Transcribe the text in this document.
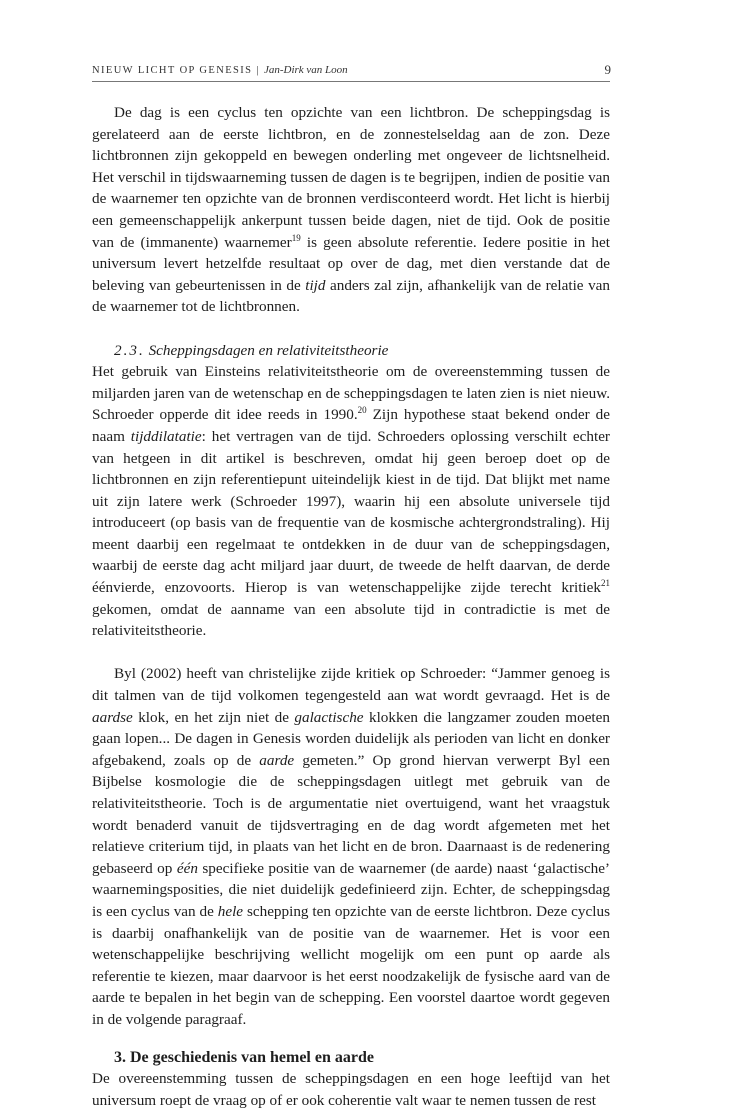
NIEUW LICHT OP GENESIS | Jan-Dirk van Loon	9

De dag is een cyclus ten opzichte van een lichtbron. De scheppingsdag is gerelateerd aan de eerste lichtbron, en de zonnestelseldag aan de zon. Deze lichtbronnen zijn gekoppeld en bewegen onderling met ongeveer de lichtsnelheid. Het verschil in tijdswaarneming tussen de dagen is te begrijpen, indien de positie van de waarnemer ten opzichte van de bronnen verdisconteerd wordt. Het licht is hierbij een gemeenschappelijk ankerpunt tussen beide dagen, niet de tijd. Ook de positie van de (immanente) waarnemer$^{19}$ is geen absolute referentie. Iedere positie in het universum levert hetzelfde resultaat op over de dag, met dien verstande dat de beleving van gebeurtenissen in de tijd anders zal zijn, afhankelijk van de relatie van de waarnemer tot de lichtbronnen.

2.3. Scheppingsdagen en relativiteitstheorie

Het gebruik van Einsteins relativiteitstheorie om de overeenstemming tussen de miljarden jaren van de wetenschap en de scheppingsdagen te laten zien is niet nieuw. Schroeder opperde dit idee reeds in 1990.20 Zijn hypothese staat bekend onder de naam tijddilatatie: het vertragen van de tijd. Schroeders oplossing verschilt echter van hetgeen in dit artikel is beschreven, omdat hij geen beroep doet op de lichtbronnen en zijn referentiepunt uiteindelijk kiest in de tijd. Dat blijkt met name uit zijn latere werk (Schroeder 1997), waarin hij een absolute universele tijd introduceert (op basis van de frequentie van de kosmische achtergrondstraling). Hij meent daarbij een regelmaat te ontdekken in de duur van de scheppingsdagen, waarbij de eerste dag acht miljard jaar duurt, de tweede de helft daarvan, de derde éénvierde, enzovoorts. Hierop is van wetenschappelijke zijde terecht kritiek$^{21}$ gekomen, omdat de aanname van een absolute tijd in contradictie is met de relativiteitstheorie.

Byl (2002) heeft van christelijke zijde kritiek op Schroeder: “Jammer genoeg is dit talmen van de tijd volkomen tegengesteld aan wat wordt gevraagd. Het is de aardse klok, en het zijn niet de galactische klokken die langzamer zouden moeten gaan lopen... De dagen in Genesis worden duidelijk als perioden van licht en donker afgebakend, zoals op de aarde gemeten.” Op grond hiervan verwerpt Byl een Bijbelse kosmologie die de scheppingsdagen uitlegt met gebruik van de relativiteitstheorie. Toch is de argumentatie niet overtuigend, want het vraagstuk wordt benaderd vanuit de tijdsvertraging en de dag wordt afgemeten met het relatieve criterium tijd, in plaats van het licht en de bron. Daarnaast is de redenering gebaseerd op één specifieke positie van de waarnemer (de aarde) naast ‘galactische’ waarnemingsposities, die niet duidelijk gedefinieerd zijn. Echter, de scheppingsdag is een cyclus van de hele schepping ten opzichte van de eerste lichtbron. Deze cyclus is daarbij onafhankelijk van de positie van de waarnemer. Het is voor een wetenschappelijke beschrijving wellicht mogelijk om een punt op aarde als referentie te kiezen, maar daarvoor is het eerst noodzakelijk de fysische aard van de aarde te bepalen in het begin van de schepping. Een voorstel daartoe wordt gegeven in de volgende paragraaf.

3. De geschiedenis van hemel en aarde

De overeenstemming tussen de scheppingsdagen en een hoge leeftijd van het universum roept de vraag op of er ook coherentie valt waar te nemen tussen de rest
